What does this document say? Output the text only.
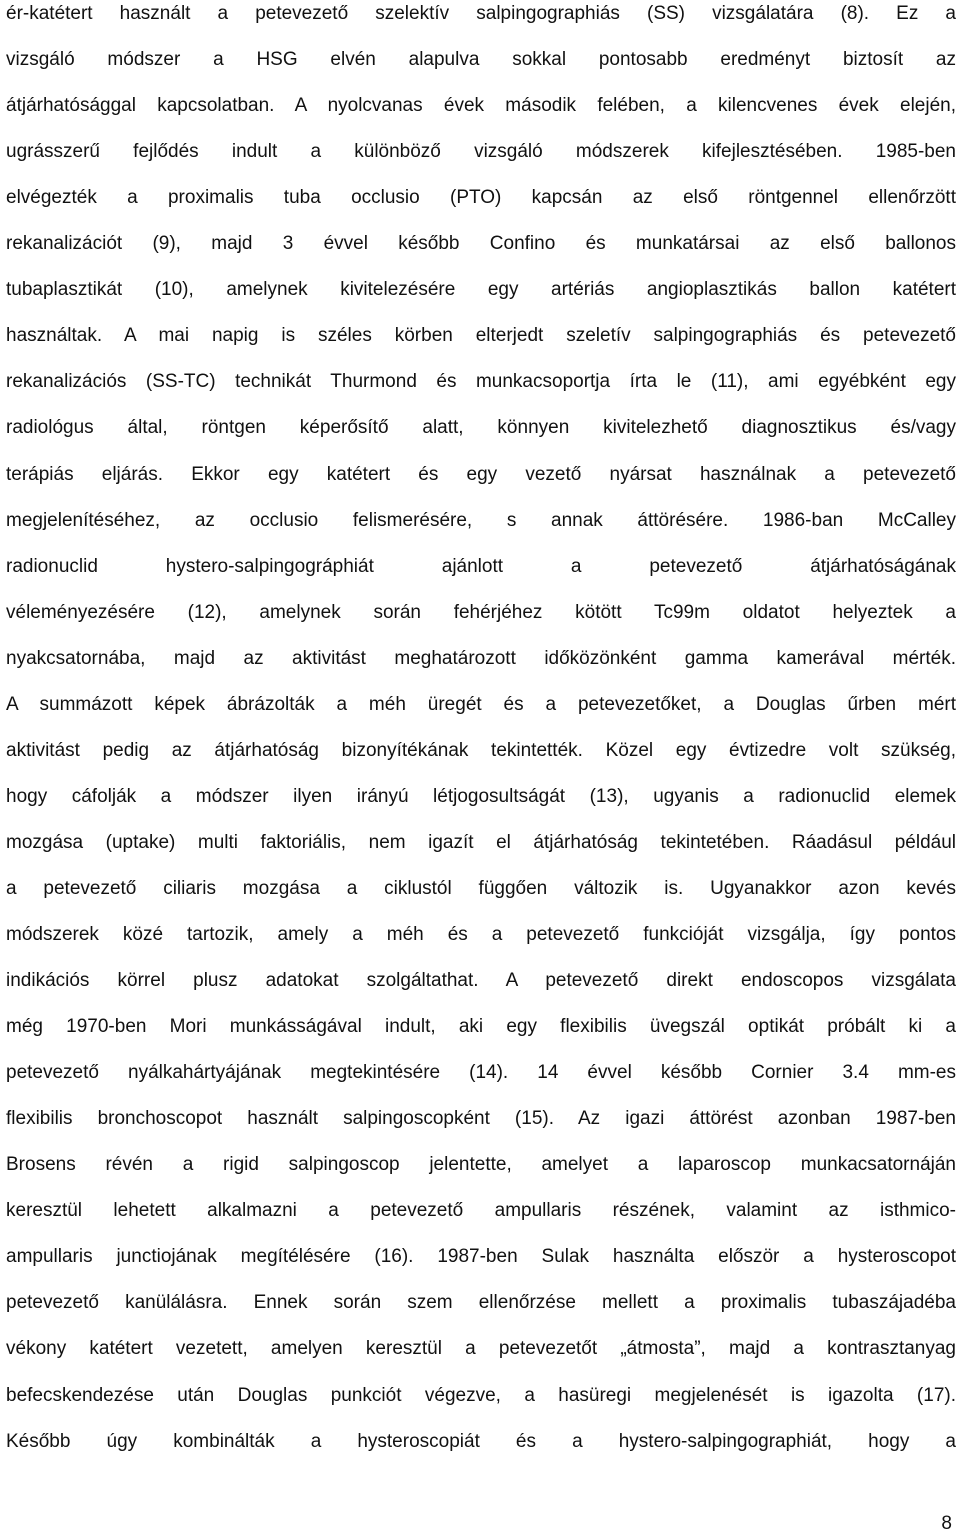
ér-katétert használt a petevezető szelektív salpingographiás (SS) vizsgálatára (8). Ez a
vizsgáló módszer a HSG elvén alapulva sokkal pontosabb eredményt biztosít az
átjárhatósággal kapcsolatban. A nyolcvanas évek második felében, a kilencvenes évek elején,
ugrásszerű fejlődés indult a különböző vizsgáló módszerek kifejlesztésében. 1985-ben
elvégezték a proximalis tuba occlusio (PTO) kapcsán az első röntgennel ellenőrzött
rekanalizációt (9), majd 3 évvel később Confino és munkatársai az első ballonos
tubaplasztikát (10), amelynek kivitelezésére egy artériás angioplasztikás ballon katétert
használtak. A mai napig is széles körben elterjedt szeletív salpingographiás és petevezető
rekanalizációs (SS-TC) technikát Thurmond és munkacsoportja írta le (11), ami egyébként egy
radiológus által, röntgen képerősítő alatt, könnyen kivitelezhető diagnosztikus és/vagy
terápiás eljárás. Ekkor egy katétert és egy vezető nyársat használnak a petevezető
megjelenítéséhez, az occlusio felismerésére, s annak áttörésére. 1986-ban McCalley
radionuclid hystero-salpingográphiát ajánlott a petevezető átjárhatóságának
véleményezésére (12), amelynek során fehérjéhez kötött Tc99m oldatot helyeztek a
nyakcsatornába, majd az aktivitást meghatározott időközönként gamma kamerával mérték.
A summázott képek ábrázolták a méh üregét és a petevezetőket, a Douglas űrben mért
aktivitást pedig az átjárhatóság bizonyítékának tekintették. Közel egy évtizedre volt szükség,
hogy cáfolják a módszer ilyen irányú létjogosultságát (13), ugyanis a radionuclid elemek
mozgása (uptake) multi faktoriális, nem igazít el átjárhatóság tekintetében. Ráadásul például
a petevezető ciliaris mozgása a ciklustól függően változik is. Ugyanakkor azon kevés
módszerek közé tartozik, amely a méh és a petevezető funkcióját vizsgálja, így pontos
indikációs körrel plusz adatokat szolgáltathat. A petevezető direkt endoscopos vizsgálata
még 1970-ben Mori munkásságával indult, aki egy flexibilis üvegszál optikát próbált ki a
petevezető nyálkahártyájának megtekintésére (14). 14 évvel később Cornier 3.4 mm-es
flexibilis bronchoscopot használt salpingoscopként (15). Az igazi áttörést azonban 1987-ben
Brosens révén a rigid salpingoscop jelentette, amelyet a laparoscop munkacsatornáján
keresztül lehetett alkalmazni a petevezető ampullaris részének, valamint az isthmico-
ampullaris junctiojának megítélésére (16). 1987-ben Sulak használta először a hysteroscopot
petevezető kanülálásra. Ennek során szem ellenőrzése mellett a proximalis tubaszájadéba
vékony katétert vezetett, amelyen keresztül a petevezetőt „átmosta”, majd a kontrasztanyag
befecskendezése után Douglas punkciót végezve, a hasüregi megjelenését is igazolta (17).
Később úgy kombinálták a hysteroscopiát és a hystero-salpingographiát, hogy a
8
